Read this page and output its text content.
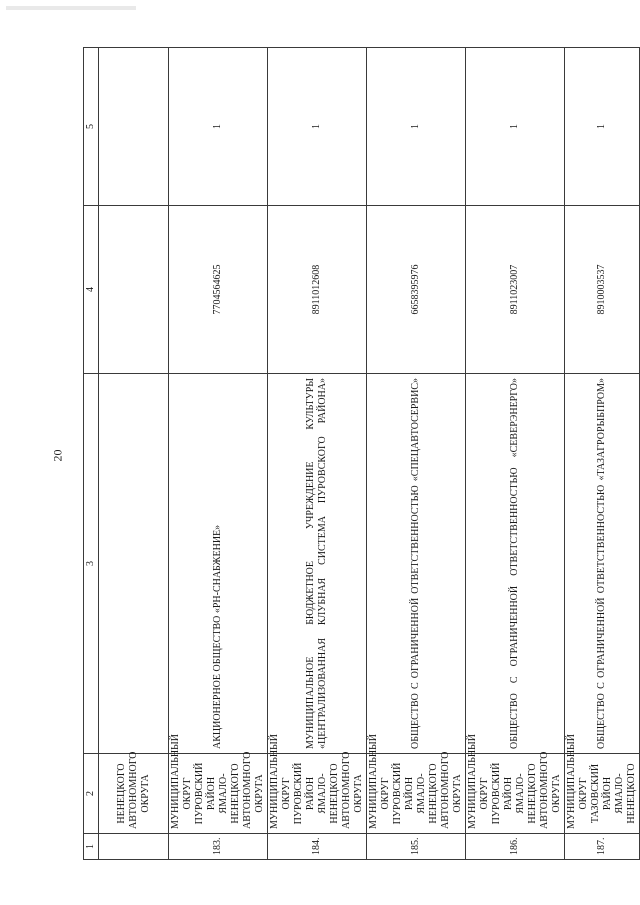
20
1	2	3	4	5
	НЕНЕЦКОГО АВТОНОМНОГО ОКРУГА			
183.	МУНИЦИПАЛЬНЫЙ ОКРУГ ПУРОВСКИЙ РАЙОН ЯМАЛО-НЕНЕЦКОГО АВТОНОМНОГО ОКРУГА	АКЦИОНЕРНОЕ ОБЩЕСТВО «РН-СНАБЖЕНИЕ»	7704564625	1
184.	МУНИЦИПАЛЬНЫЙ ОКРУГ ПУРОВСКИЙ РАЙОН ЯМАЛО-НЕНЕЦКОГО АВТОНОМНОГО ОКРУГА	МУНИЦИПАЛЬНОЕ БЮДЖЕТНОЕ УЧРЕЖДЕНИЕ КУЛЬТУРЫ «ЦЕНТРАЛИЗОВАННАЯ КЛУБНАЯ СИСТЕМА ПУРОВСКОГО РАЙОНА»	8911012608	1
185.	МУНИЦИПАЛЬНЫЙ ОКРУГ ПУРОВСКИЙ РАЙОН ЯМАЛО-НЕНЕЦКОГО АВТОНОМНОГО ОКРУГА	ОБЩЕСТВО С ОГРАНИЧЕННОЙ ОТВЕТСТВЕННОСТЬЮ «СПЕЦАВТОСЕРВИС»	6658395976	1
186.	МУНИЦИПАЛЬНЫЙ ОКРУГ ПУРОВСКИЙ РАЙОН ЯМАЛО-НЕНЕЦКОГО АВТОНОМНОГО ОКРУГА	ОБЩЕСТВО С ОГРАНИЧЕННОЙ ОТВЕТСТВЕННОСТЬЮ «СЕВЕРЭНЕРГО»	8911023007	1
187.	МУНИЦИПАЛЬНЫЙ ОКРУГ ТАЗОВСКИЙ РАЙОН ЯМАЛО-НЕНЕЦКОГО	ОБЩЕСТВО С ОГРАНИЧЕННОЙ ОТВЕТСТВЕННОСТЬЮ «ТАЗАГРОРЫБПРОМ»	8910003537	1
